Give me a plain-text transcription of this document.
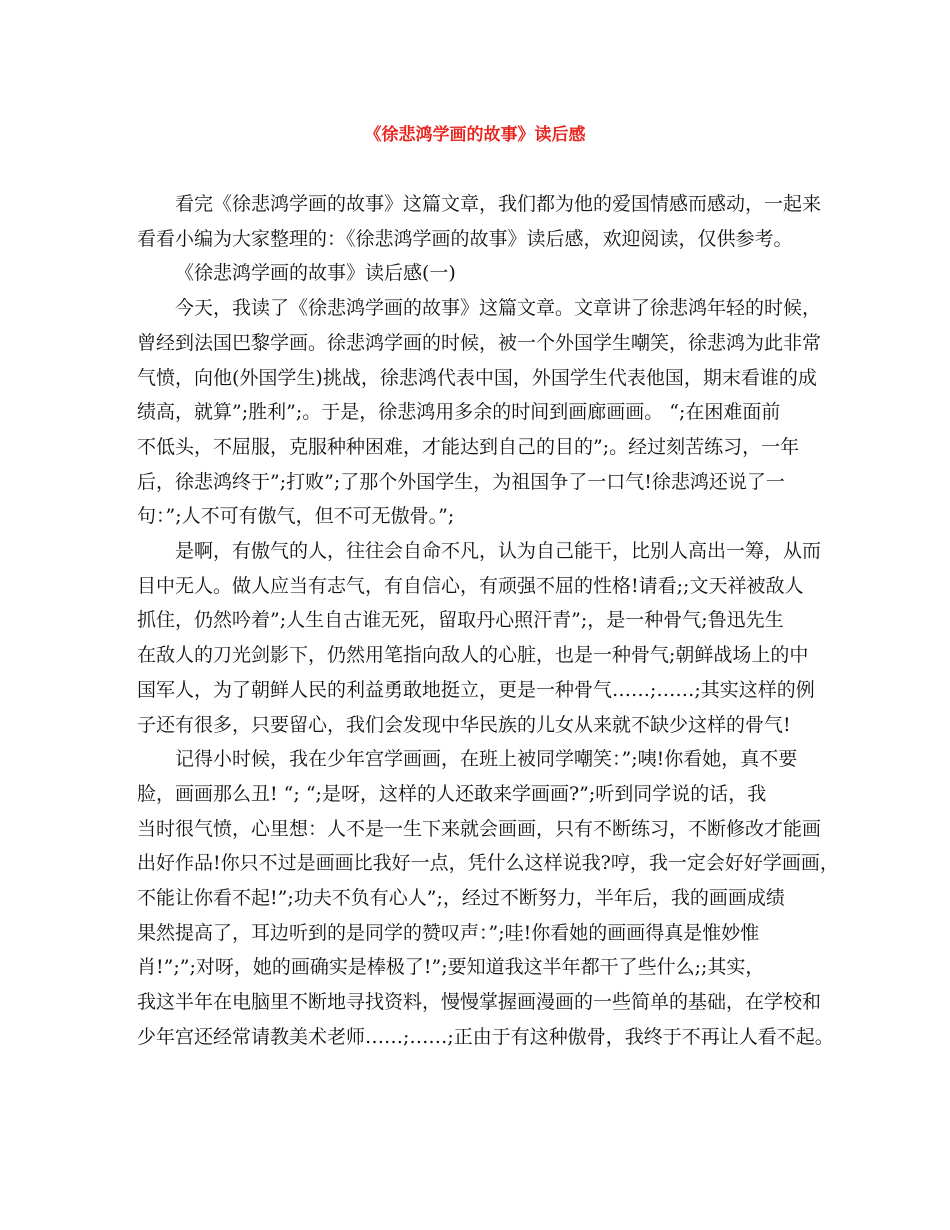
《徐悲鸿学画的故事》读后感
看完《徐悲鸿学画的故事》这篇文章，我们都为他的爱国情感而感动，一起来
看看小编为大家整理的：《徐悲鸿学画的故事》读后感，欢迎阅读，仅供参考。
《徐悲鸿学画的故事》读后感(一)
今天，我读了《徐悲鸿学画的故事》这篇文章。文章讲了徐悲鸿年轻的时候，
曾经到法国巴黎学画。徐悲鸿学画的时候，被一个外国学生嘲笑，徐悲鸿为此非常
气愤，向他(外国学生)挑战，徐悲鸿代表中国，外国学生代表他国，期末看谁的成
绩高，就算”;胜利”;。于是，徐悲鸿用多余的时间到画廊画画。 “;在困难面前
不低头，不屈服，克服种种困难，才能达到自己的目的”;。经过刻苦练习，一年
后，徐悲鸿终于”;打败”;了那个外国学生，为祖国争了一口气!徐悲鸿还说了一
句：”;人不可有傲气，但不可无傲骨。”;
是啊，有傲气的人，往往会自命不凡，认为自己能干，比别人高出一筹，从而
目中无人。做人应当有志气，有自信心，有顽强不屈的性格!请看;;文天祥被敌人
抓住，仍然吟着”;人生自古谁无死，留取丹心照汗青”;，是一种骨气;鲁迅先生
在敌人的刀光剑影下，仍然用笔指向敌人的心脏，也是一种骨气;朝鲜战场上的中
国军人，为了朝鲜人民的利益勇敢地挺立，更是一种骨气……;……;其实这样的例
子还有很多，只要留心，我们会发现中华民族的儿女从来就不缺少这样的骨气!
记得小时候，我在少年宫学画画，在班上被同学嘲笑：”;咦!你看她，真不要
脸，画画那么丑! “; “;是呀，这样的人还敢来学画画?”;听到同学说的话，我
当时很气愤，心里想：人不是一生下来就会画画，只有不断练习，不断修改才能画
出好作品!你只不过是画画比我好一点，凭什么这样说我?哼，我一定会好好学画画，
不能让你看不起!”;功夫不负有心人”;，经过不断努力，半年后，我的画画成绩
果然提高了，耳边听到的是同学的赞叹声：”;哇!你看她的画画得真是惟妙惟
肖!”;”;对呀，她的画确实是棒极了!”;要知道我这半年都干了些什么;;其实，
我这半年在电脑里不断地寻找资料，慢慢掌握画漫画的一些简单的基础，在学校和
少年宫还经常请教美术老师……;……;正由于有这种傲骨，我终于不再让人看不起。
